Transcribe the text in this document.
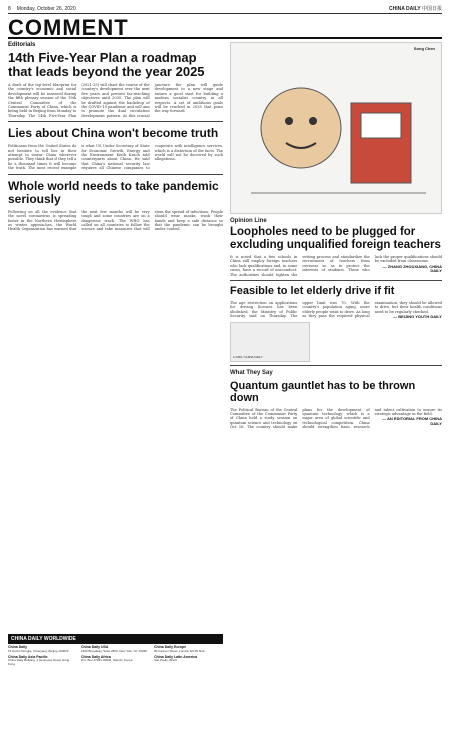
8 Monday, October 26, 2020	CHINA DAILY 中国日报
COMMENT
Editorials
14th Five-Year Plan a roadmap that leads beyond the year 2025

A draft of the top-level blueprint for the country's economic and social development will be assessed during the fifth plenary session of the 19th Central Committee of the Communist Party of China, which is being held in Beijing from Monday to Thursday. The 14th Five-Year Plan (2021-25) will chart the course of the country's development over the next five years and present far-reaching objectives until 2035. The plan will be drafted against the backdrop of the COVID-19 pandemic and will aim to promote the dual circulation development pattern. At this crucial juncture the plan will guide development to a new stage and ensure a good start for building a modern socialist country in all respects. A set of ambitious goals will be reached in 2035 that point the way forward.

Lies about China won't become truth

Politicians from the United States do not hesitate to tell lies in their attempt to smear China wherever possible. They think that if they tell a lie a thousand times it will become the truth. The most recent example is what US Under Secretary of State for Economic Growth, Energy and the Environment Keith Krach told counterparts about China. He said that China's national security law requires all Chinese companies to cooperate with intelligence services, which is a distortion of the facts. The world will not be deceived by such allegations.

Whole world needs to take pandemic seriously

Following on all the evidence that the novel coronavirus is spreading faster in the Northern Hemisphere as winter approaches, the World Health Organization has warned that the next few months will be very tough and some countries are on a dangerous track. The WHO has called on all countries to follow the science and take measures that will stem the spread of infections. People should wear masks, wash their hands and keep a safe distance so that the pandemic can be brought under control.

CHINA DAILY WORLDWIDE
China Daily
15 Huixin Dongjie, Chaoyang, Beijing 100029
China Daily USA
1500 Broadway, Suite 2800, New York, NY 10036
China Daily Europe
90 Cannon Street, London EC4N 6HA
China Daily Asia Pacific
China Daily Building, 1 Hennessy Road, Hong Kong
China Daily Africa
P.O. Box 27281-00506, Nairobi, Kenya
China Daily Latin America
Sao Paulo, Brazil
Song Chen
Opinion Line
Loopholes need to be plugged for excluding unqualified foreign teachers

It is noted that a few schools in China still employ foreign teachers who lack qualifications and, in some cases, have a record of misconduct. The authorities should tighten the vetting process and standardize the recruitment of teachers from overseas so as to protect the interests of students. Those who lack the proper qualifications should be excluded from classrooms.

— ZHANG ZHOUXIANG, CHINA DAILY
Feasible to let elderly drive if fit

The age restriction on applications for driving licenses has been abolished, the Ministry of Public Security said on Thursday. The upper limit was 70. With the country's population aging, more elderly people want to drive. As long as they pass the required physical examination, they should be allowed to drive, but their health conditions need to be regularly checked.

— BEIJING YOUTH DAILY
LI MIN / CHINA DAILY
What They Say
Quantum gauntlet has to be thrown down

The Political Bureau of the Central Committee of the Communist Party of China held a study session on quantum science and technology on Oct 16. The country should make plans for the development of quantum technology, which is a major area of global scientific and technological competition. China should strengthen basic research and talent cultivation to ensure its strategic advantage in the field.

— AN EDITORIAL FROM CHINA DAILY
